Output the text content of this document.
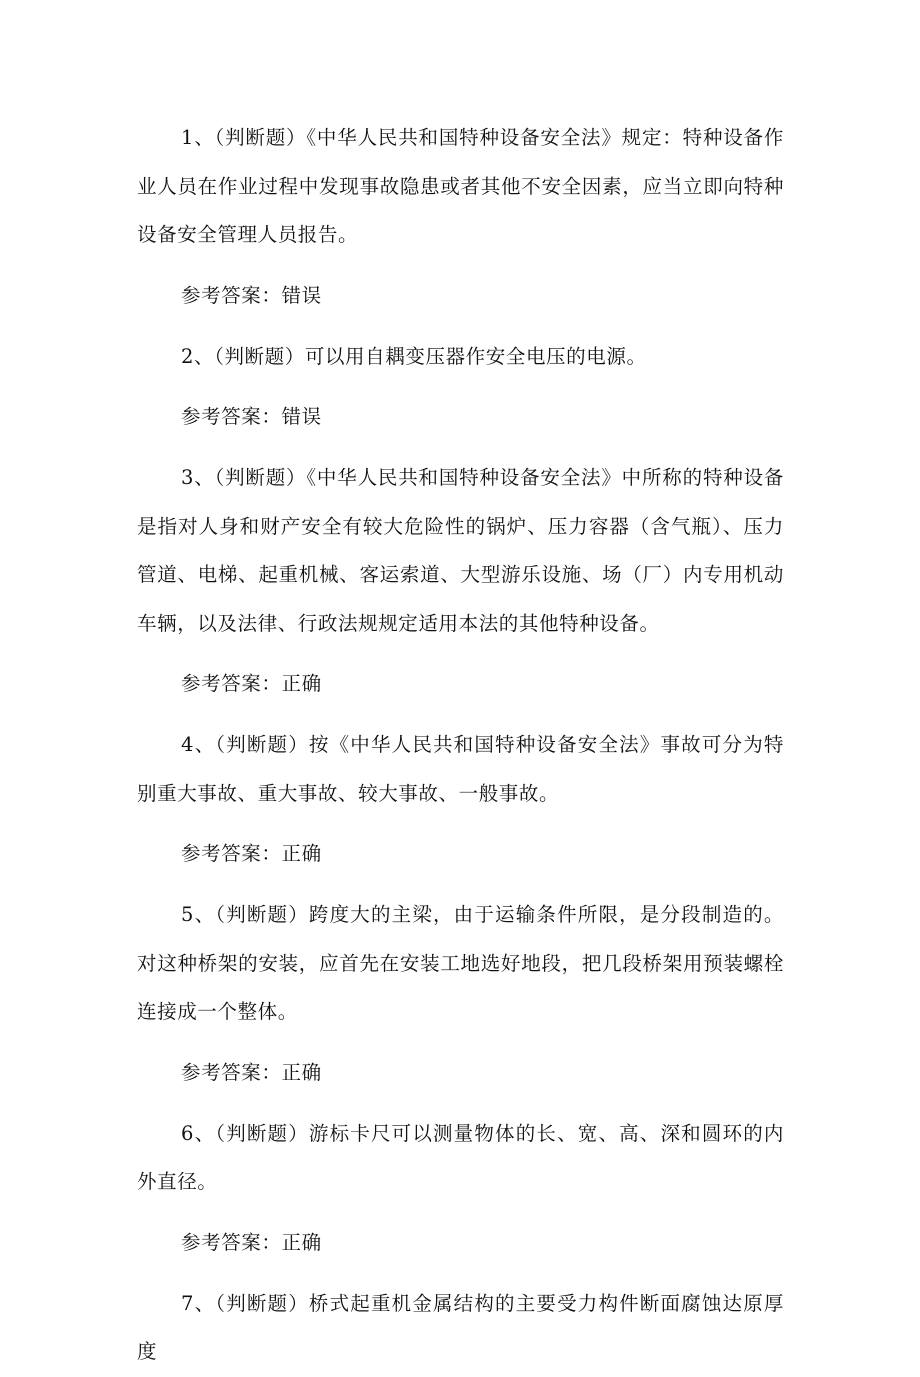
1、（判断题）《中华人民共和国特种设备安全法》规定：特种设备作业人员在作业过程中发现事故隐患或者其他不安全因素，应当立即向特种设备安全管理人员报告。

参考答案：错误

2、（判断题）可以用自耦变压器作安全电压的电源。

参考答案：错误

3、（判断题）《中华人民共和国特种设备安全法》中所称的特种设备是指对人身和财产安全有较大危险性的锅炉、压力容器（含气瓶）、压力管道、电梯、起重机械、客运索道、大型游乐设施、场（厂）内专用机动车辆，以及法律、行政法规规定适用本法的其他特种设备。

参考答案：正确

4、（判断题）按《中华人民共和国特种设备安全法》事故可分为特别重大事故、重大事故、较大事故、一般事故。

参考答案：正确

5、（判断题）跨度大的主梁，由于运输条件所限，是分段制造的。对这种桥架的安装，应首先在安装工地选好地段，把几段桥架用预装螺栓连接成一个整体。

参考答案：正确

6、（判断题）游标卡尺可以测量物体的长、宽、高、深和圆环的内外直径。

参考答案：正确

7、（判断题）桥式起重机金属结构的主要受力构件断面腐蚀达原厚度
